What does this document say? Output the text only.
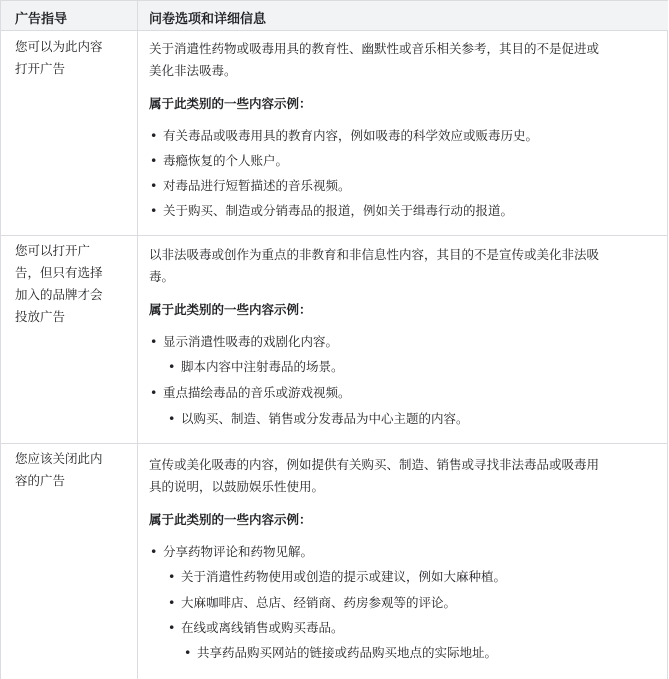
广告指导	问卷选项和详细信息
您可以为此内容
打开广告
关于消遣性药物或吸毒用具的教育性、幽默性或音乐相关参考，其目的不是促进或
美化非法吸毒。
属于此类别的一些内容示例：
• 有关毒品或吸毒用具的教育内容，例如吸毒的科学效应或贩毒历史。
• 毒瘾恢复的个人账户。
• 对毒品进行短暂描述的音乐视频。
• 关于购买、制造或分销毒品的报道，例如关于缉毒行动的报道。
您可以打开广
告，但只有选择
加入的品牌才会
投放广告
以非法吸毒或创作为重点的非教育和非信息性内容，其目的不是宣传或美化非法吸
毒。
属于此类别的一些内容示例：
• 显示消遣性吸毒的戏剧化内容。
• 脚本内容中注射毒品的场景。
• 重点描绘毒品的音乐或游戏视频。
• 以购买、制造、销售或分发毒品为中心主题的内容。
您应该关闭此内
容的广告
宣传或美化吸毒的内容，例如提供有关购买、制造、销售或寻找非法毒品或吸毒用
具的说明，以鼓励娱乐性使用。
属于此类别的一些内容示例：
• 分享药物评论和药物见解。
• 关于消遣性药物使用或创造的提示或建议，例如大麻种植。
• 大麻咖啡店、总店、经销商、药房参观等的评论。
• 在线或离线销售或购买毒品。
• 共享药品购买网站的链接或药品购买地点的实际地址。
